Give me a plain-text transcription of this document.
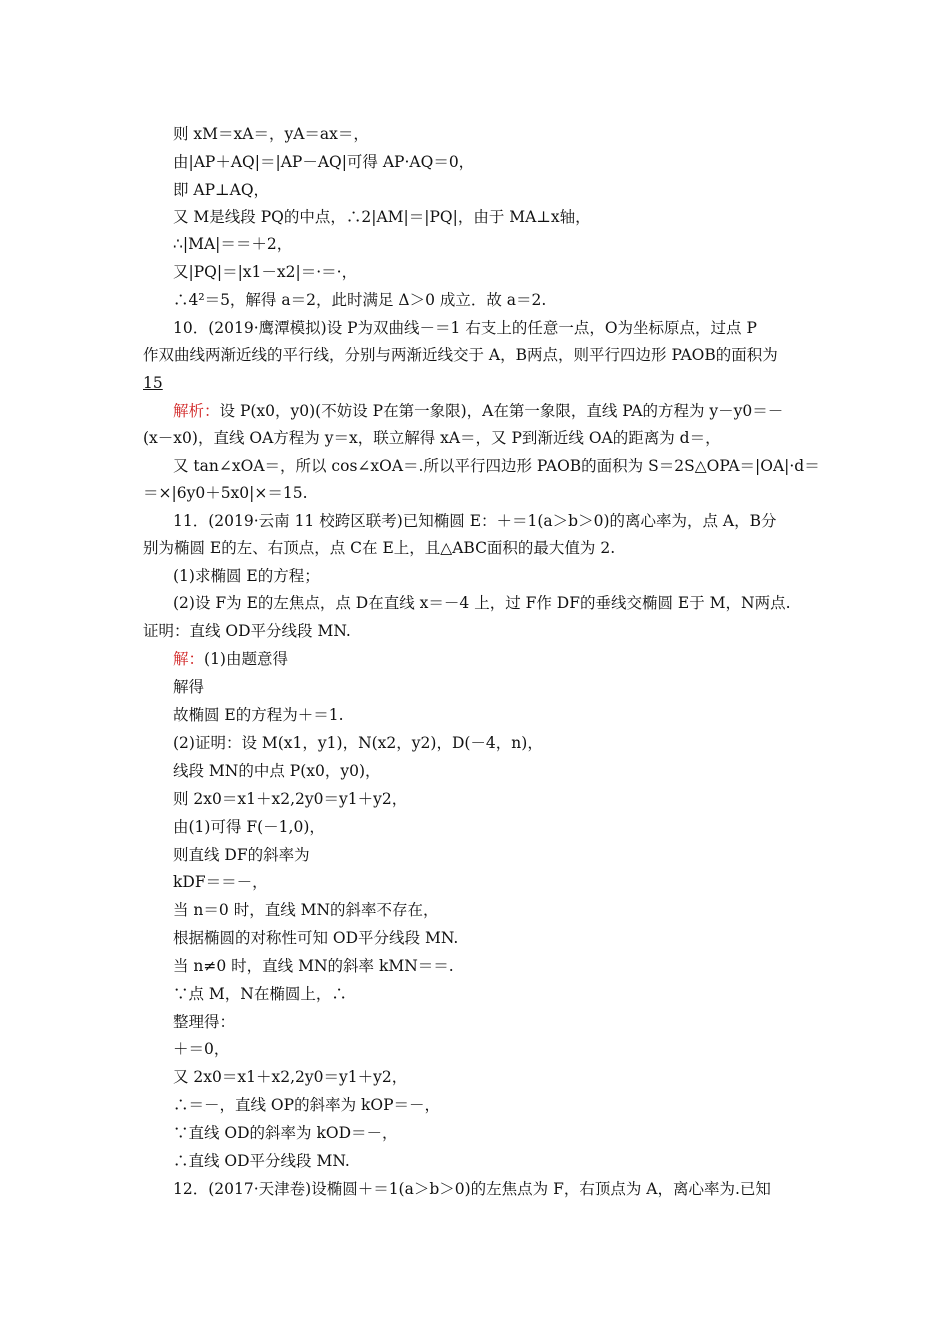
则 xM＝xA＝，yA＝ax＝，
由|AP＋AQ|＝|AP－AQ|可得 AP·AQ＝0，
即 AP⊥AQ，
又 M是线段 PQ的中点，∴2|AM|＝|PQ|，由于 MA⊥x轴，
∴|MA|＝＝＋2，
又|PQ|＝|x1－x2|＝·＝·，
∴4²＝5，解得 a＝2，此时满足 Δ＞0 成立．故 a＝2.
10．(2019·鹰潭模拟)设 P为双曲线－＝1 右支上的任意一点，O为坐标原点，过点 P
作双曲线两渐近线的平行线，分别与两渐近线交于 A，B两点，则平行四边形 PAOB的面积为
15
解析：设 P(x0，y0)(不妨设 P在第一象限)，A在第一象限，直线 PA的方程为 y－y0＝－
(x－x0)，直线 OA方程为 y＝x，联立解得 xA＝，又 P到渐近线 OA的距离为 d＝，
又 tan∠xOA＝，所以 cos∠xOA＝.所以平行四边形 PAOB的面积为 S＝2S△OPA＝|OA|·d＝
＝×|6y0＋5x0|×＝15.
11．(2019·云南 11 校跨区联考)已知椭圆 E：＋＝1(a＞b＞0)的离心率为，点 A，B分
别为椭圆 E的左、右顶点，点 C在 E上，且△ABC面积的最大值为 2.
(1)求椭圆 E的方程；
(2)设 F为 E的左焦点，点 D在直线 x＝－4 上，过 F作 DF的垂线交椭圆 E于 M，N两点.
证明：直线 OD平分线段 MN.
解：(1)由题意得
解得
故椭圆 E的方程为＋＝1.
(2)证明：设 M(x1，y1)，N(x2，y2)，D(－4，n)，
线段 MN的中点 P(x0，y0)，
则 2x0＝x1＋x2,2y0＝y1＋y2，
由(1)可得 F(－1,0)，
则直线 DF的斜率为
kDF＝＝－，
当 n＝0 时，直线 MN的斜率不存在，
根据椭圆的对称性可知 OD平分线段 MN.
当 n≠0 时，直线 MN的斜率 kMN＝＝.
∵点 M，N在椭圆上，∴
整理得：
＋＝0，
又 2x0＝x1＋x2,2y0＝y1＋y2，
∴＝－，直线 OP的斜率为 kOP＝－，
∵直线 OD的斜率为 kOD＝－，
∴直线 OD平分线段 MN.
12．(2017·天津卷)设椭圆＋＝1(a＞b＞0)的左焦点为 F，右顶点为 A，离心率为.已知
